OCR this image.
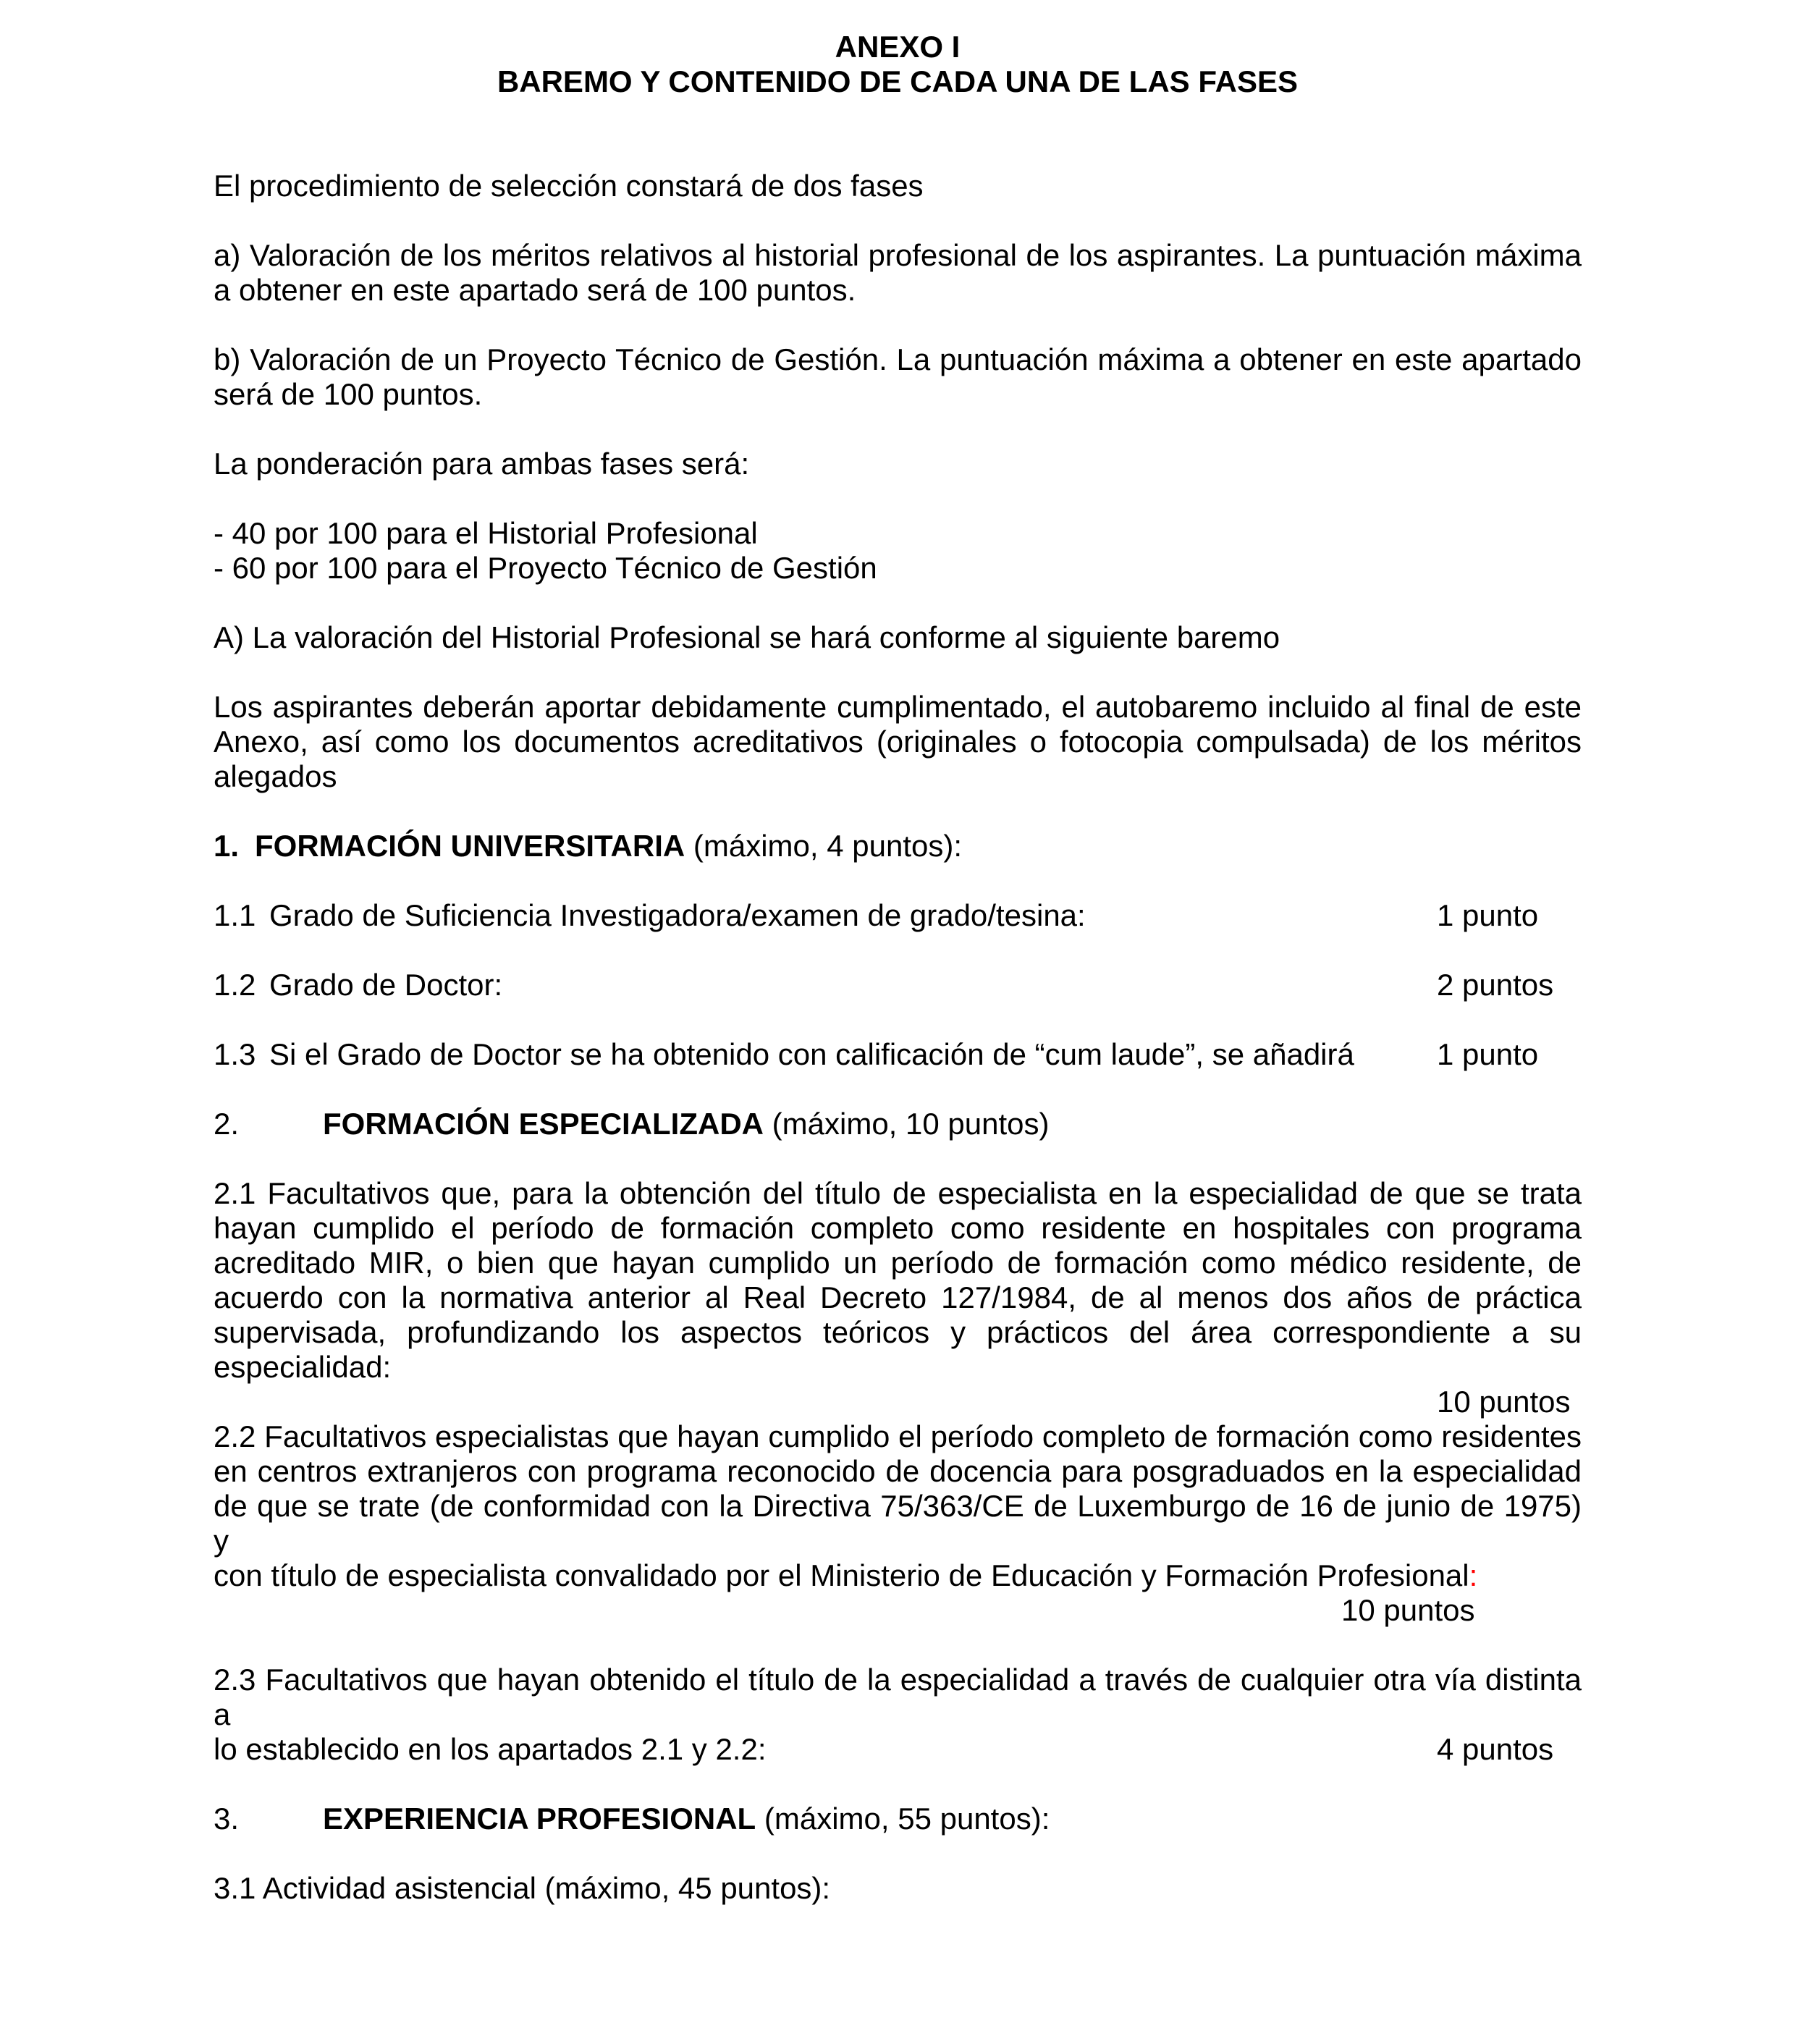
ANEXO I
BAREMO Y CONTENIDO DE CADA UNA DE LAS FASES
El procedimiento de selección constará de dos fases
a) Valoración de los méritos relativos al historial profesional de los aspirantes. La puntuación máxima
a obtener en este apartado será de 100 puntos.
b) Valoración de un Proyecto Técnico de Gestión. La puntuación máxima a obtener en este apartado
será de 100 puntos.
La ponderación para ambas fases será:
- 40 por 100 para el Historial Profesional
- 60 por 100 para el Proyecto Técnico de Gestión
A) La valoración del Historial Profesional se hará conforme al siguiente baremo
Los aspirantes deberán aportar debidamente cumplimentado, el autobaremo incluido al final de este
Anexo, así como los documentos acreditativos (originales o fotocopia compulsada) de los méritos
alegados
1. FORMACIÓN UNIVERSITARIA (máximo, 4 puntos):
1.1 Grado de Suficiencia Investigadora/examen de grado/tesina:	1 punto
1.2 Grado de Doctor:	2 puntos
1.3 Si el Grado de Doctor se ha obtenido con calificación de “cum laude”, se añadirá	1 punto
2.	FORMACIÓN ESPECIALIZADA (máximo, 10 puntos)
2.1 Facultativos que, para la obtención del título de especialista en la especialidad de que se trata
hayan cumplido el período de formación completo como residente en hospitales con programa
acreditado MIR, o bien que hayan cumplido un período de formación como médico residente, de
acuerdo con la normativa anterior al Real Decreto 127/1984, de al menos dos años de práctica
supervisada, profundizando los aspectos teóricos y prácticos del área correspondiente a su
especialidad:
10 puntos
2.2 Facultativos especialistas que hayan cumplido el período completo de formación como residentes
en centros extranjeros con programa reconocido de docencia para posgraduados en la especialidad
de que se trate (de conformidad con la Directiva 75/363/CE de Luxemburgo de 16 de junio de 1975) y
con título de especialista convalidado por el Ministerio de Educación y Formación Profesional:
10 puntos
2.3 Facultativos que hayan obtenido el título de la especialidad a través de cualquier otra vía distinta a
lo establecido en los apartados 2.1 y 2.2:	4 puntos
3.	EXPERIENCIA PROFESIONAL (máximo, 55 puntos):
3.1 Actividad asistencial (máximo, 45 puntos):
